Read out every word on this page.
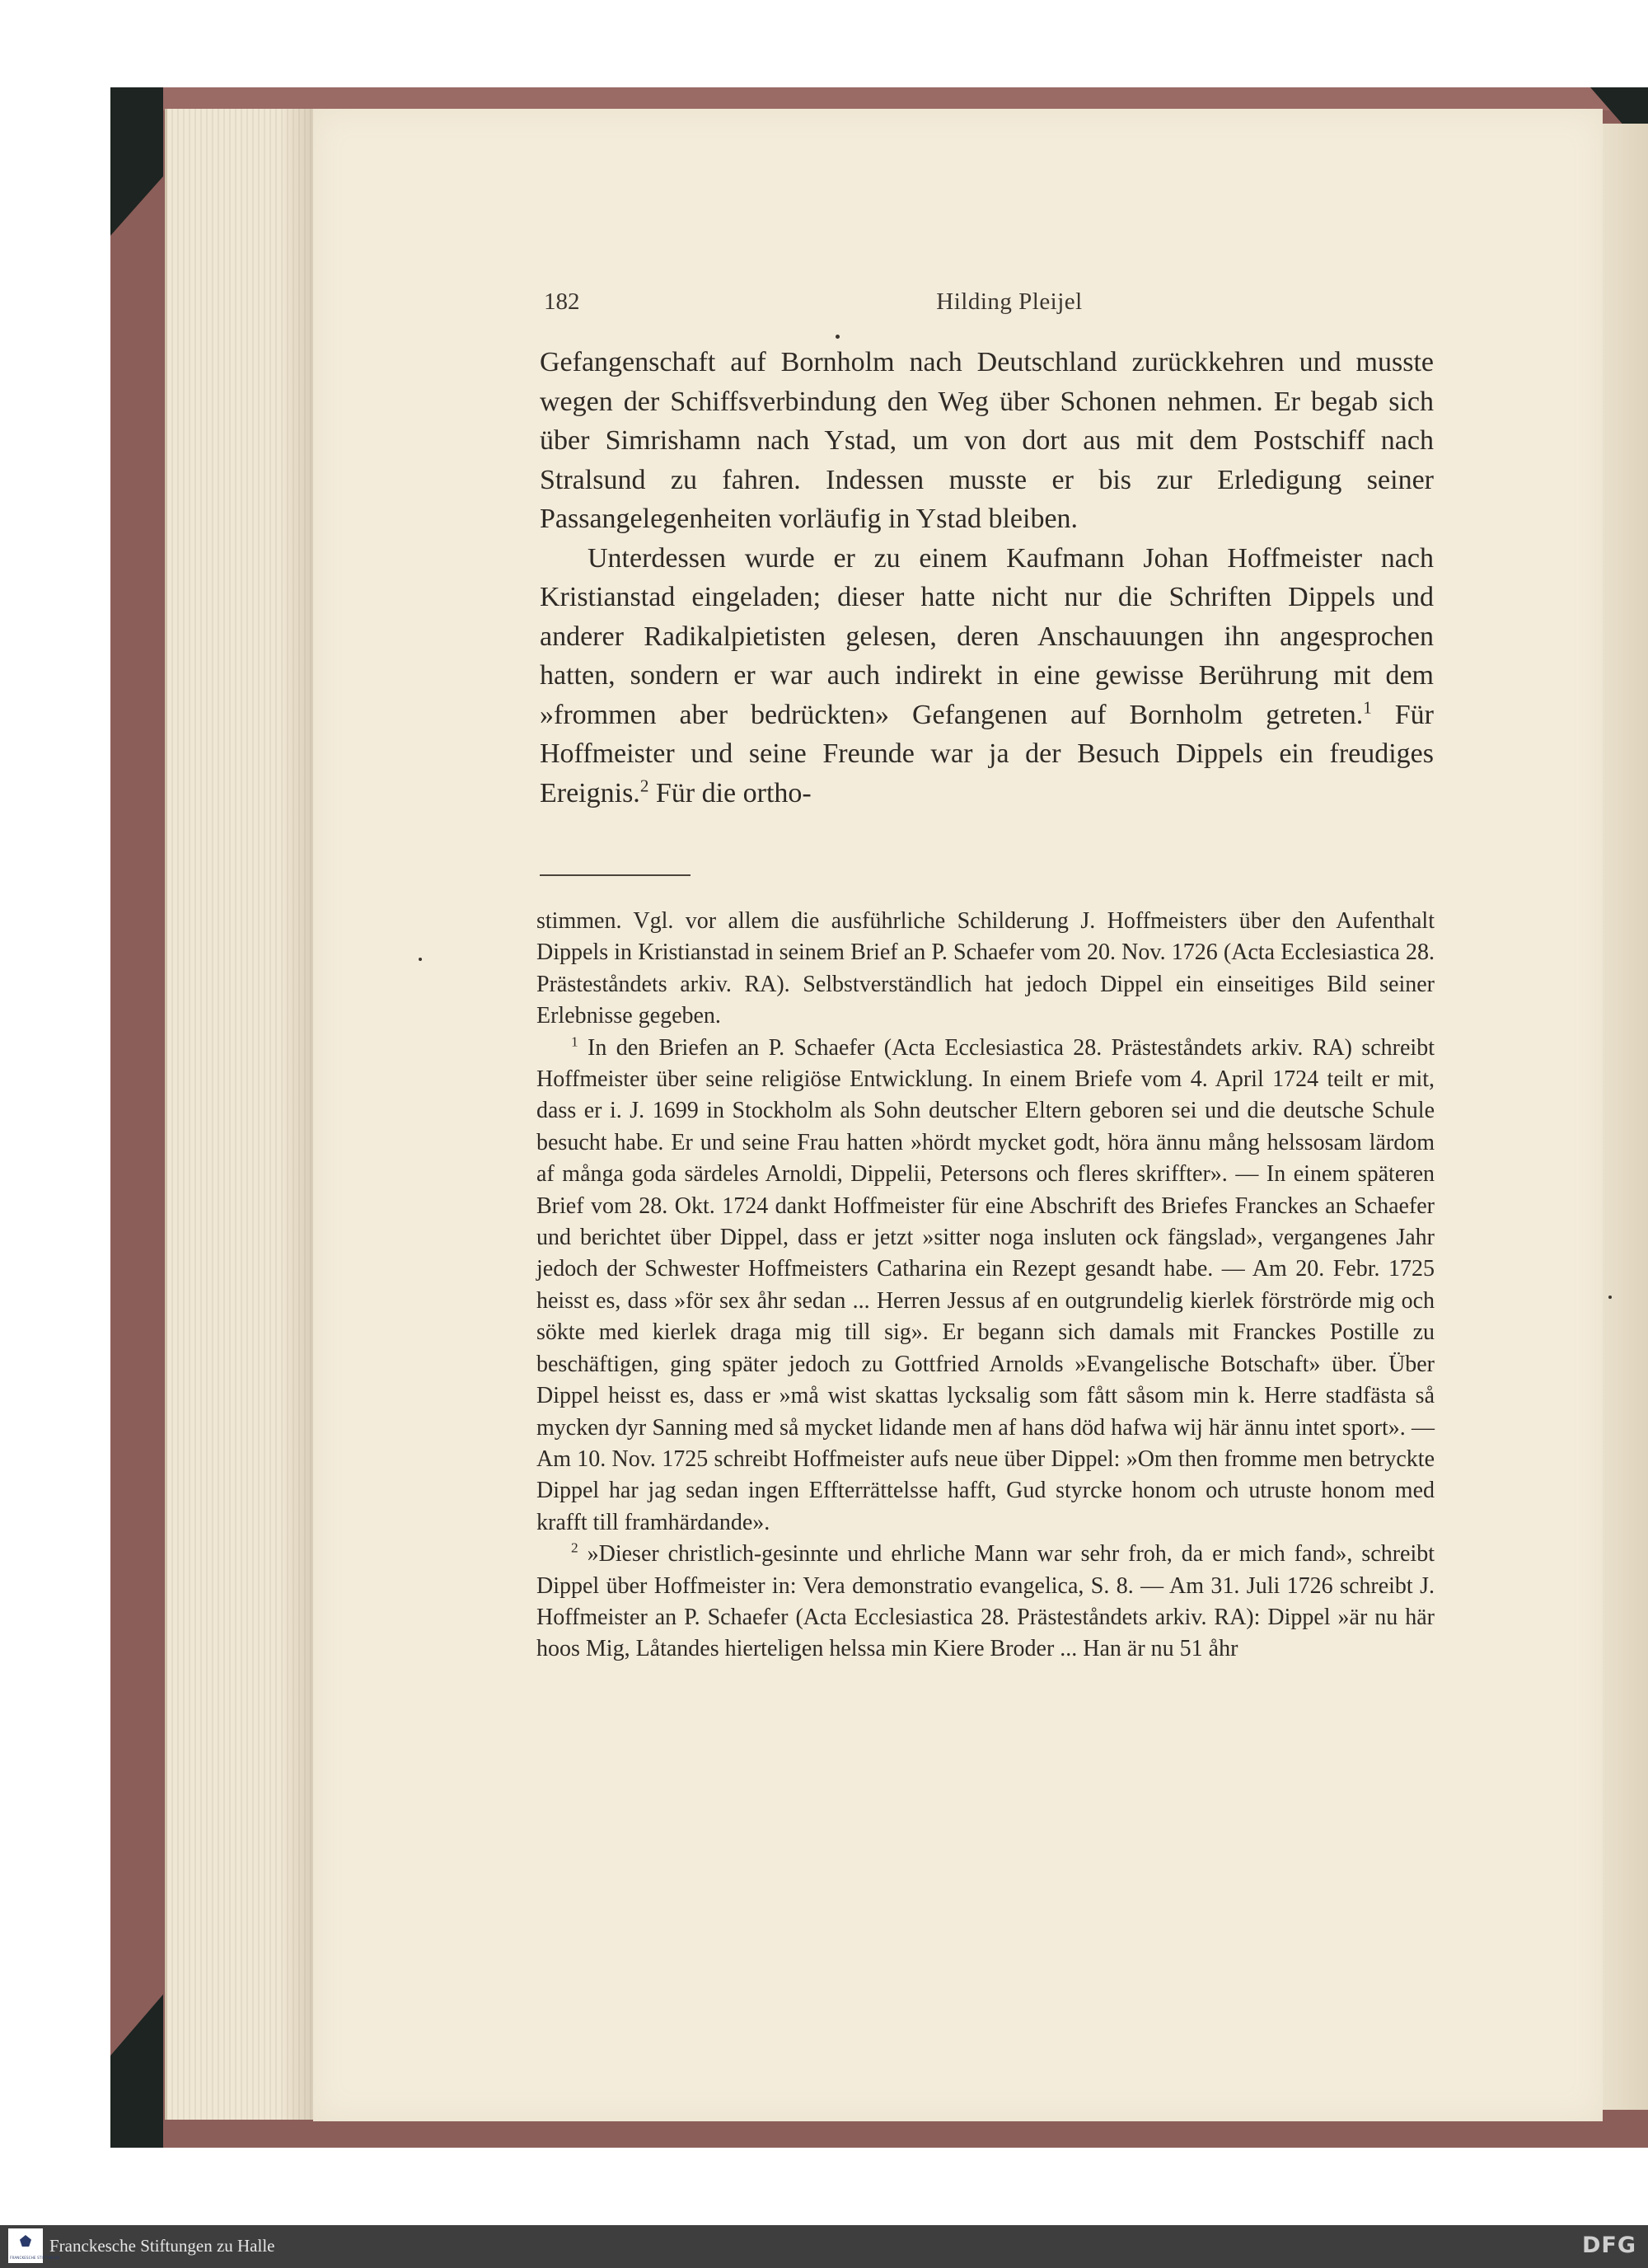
182	Hilding Pleijel

Gefangenschaft auf Bornholm nach Deutschland zurückkehren und musste wegen der Schiffsverbindung den Weg über Schonen nehmen. Er begab sich über Simrishamn nach Ystad, um von dort aus mit dem Postschiff nach Stralsund zu fahren. Indessen musste er bis zur Erledigung seiner Passangelegenheiten vorläufig in Ystad bleiben.

Unterdessen wurde er zu einem Kaufmann Johan Hoffmeister nach Kristianstad eingeladen; dieser hatte nicht nur die Schriften Dippels und anderer Radikalpietisten gelesen, deren Anschauungen ihn angesprochen hatten, sondern er war auch indirekt in eine gewisse Berührung mit dem »frommen aber bedrückten» Gefangenen auf Bornholm getreten.$^1$ Für Hoffmeister und seine Freunde war ja der Besuch Dippels ein freudiges Ereignis.$^2$ Für die ortho-

stimmen. Vgl. vor allem die ausführliche Schilderung J. Hoffmeisters über den Aufenthalt Dippels in Kristianstad in seinem Brief an P. Schaefer vom 20. Nov. 1726 (Acta Ecclesiastica 28. Prästeståndets arkiv. RA). Selbstverständlich hat jedoch Dippel ein einseitiges Bild seiner Erlebnisse gegeben.

$^1$ In den Briefen an P. Schaefer (Acta Ecclesiastica 28. Prästeståndets arkiv. RA) schreibt Hoffmeister über seine religiöse Entwicklung. In einem Briefe vom 4. April 1724 teilt er mit, dass er i. J. 1699 in Stockholm als Sohn deutscher Eltern geboren sei und die deutsche Schule besucht habe. Er und seine Frau hatten »hördt mycket godt, höra ännu mång helssosam lärdom af många goda särdeles Arnoldi, Dippelii, Petersons och fleres skriffter». — In einem späteren Brief vom 28. Okt. 1724 dankt Hoffmeister für eine Abschrift des Briefes Franckes an Schaefer und berichtet über Dippel, dass er jetzt »sitter noga insluten ock fängslad», vergangenes Jahr jedoch der Schwester Hoffmeisters Catharina ein Rezept gesandt habe. — Am 20. Febr. 1725 heisst es, dass »för sex åhr sedan ... Herren Jessus af en outgrundelig kierlek förströrde mig och sökte med kierlek draga mig till sig». Er begann sich damals mit Franckes Postille zu beschäftigen, ging später jedoch zu Gottfried Arnolds »Evangelische Botschaft» über. Über Dippel heisst es, dass er »må wist skattas lycksalig som fått såsom min k. Herre stadfästa så mycken dyr Sanning med så mycket lidande men af hans död hafwa wij här ännu intet sport». — Am 10. Nov. 1725 schreibt Hoffmeister aufs neue über Dippel: »Om then fromme men betryckte Dippel har jag sedan ingen Effterrättelsse hafft, Gud styrcke honom och utruste honom med krafft till framhärdande».

$^2$ »Dieser christlich-gesinnte und ehrliche Mann war sehr froh, da er mich fand», schreibt Dippel über Hoffmeister in: Vera demonstratio evangelica, S. 8. — Am 31. Juli 1726 schreibt J. Hoffmeister an P. Schaefer (Acta Ecclesiastica 28. Prästeståndets arkiv. RA): Dippel »är nu här hoos Mig, Låtandes hierteligen helssa min Kiere Broder ... Han är nu 51 åhr

FRANCKESCHE STIFTUNGEN
Franckesche Stiftungen zu Halle	DFG
